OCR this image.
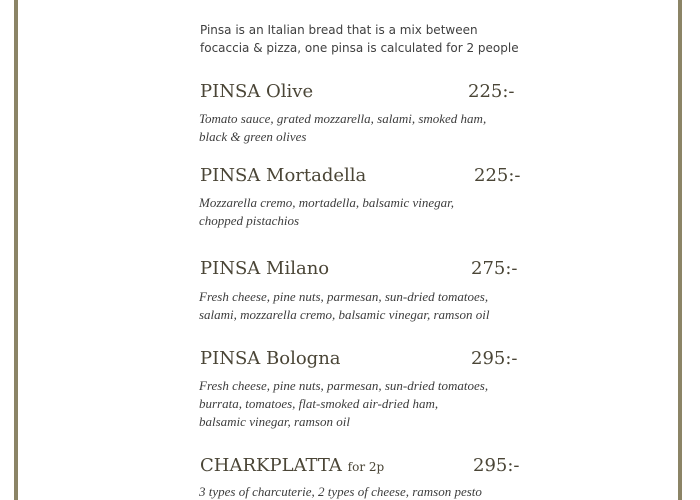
Pinsa is an Italian bread that is a mix between
focaccia & pizza, one pinsa is calculated for 2 people
PINSA Olive	225:-
Tomato sauce, grated mozzarella, salami, smoked ham,
black & green olives
PINSA Mortadella	225:-
Mozzarella cremo, mortadella, balsamic vinegar,
chopped pistachios
PINSA Milano	275:-
Fresh cheese, pine nuts, parmesan, sun-dried tomatoes,
salami, mozzarella cremo, balsamic vinegar, ramson oil
PINSA Bologna	295:-
Fresh cheese, pine nuts, parmesan, sun-dried tomatoes,
burrata, tomatoes, flat-smoked air-dried ham,
balsamic vinegar, ramson oil
CHARKPLATTA for 2p	295:-
3 types of charcuterie, 2 types of cheese, ramson pesto
